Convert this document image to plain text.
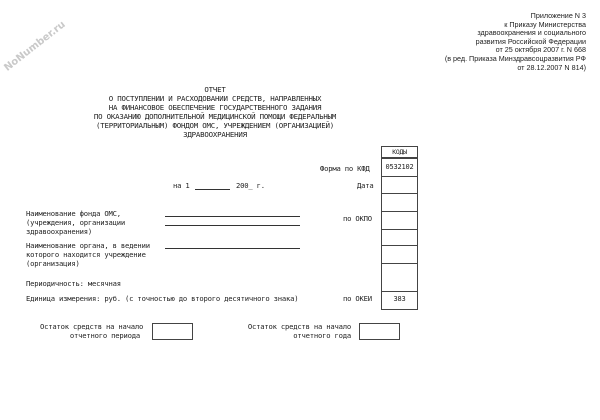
NoNumber.ru
Приложение N 3
к Приказу Министерства
здравоохранения и социального
развития Российской Федерации
от 25 октября 2007 г. N 668
(в ред. Приказа Минздравсоцразвития РФ
от 28.12.2007 N 814)
ОТЧЕТ
О ПОСТУПЛЕНИИ И РАСХОДОВАНИИ СРЕДСТВ, НАПРАВЛЕННЫХ
НА ФИНАНСОВОЕ ОБЕСПЕЧЕНИЕ ГОСУДАРСТВЕННОГО ЗАДАНИЯ
ПО ОКАЗАНИЮ ДОПОЛНИТЕЛЬНОЙ МЕДИЦИНСКОЙ ПОМОЩИ ФЕДЕРАЛЬНЫМ
(ТЕРРИТОРИАЛЬНЫМ) ФОНДОМ ОМС, УЧРЕЖДЕНИЕМ (ОРГАНИЗАЦИЕЙ)
ЗДРАВООХРАНЕНИЯ
КОДЫ
0532102
383
Форма по КФД
Дата
по ОКПО
по ОКЕИ
на 1	200_ г.
Наименование фонда ОМС,
(учреждения, организации
здравоохранения)
Наименование органа, в ведении
которого находится учреждение
(организация)
Периодичность: месячная
Единица измерения: руб. (с точностью до второго десятичного знака)
Остаток средств на начало
отчетного периода
Остаток средств на начало
отчетного года
